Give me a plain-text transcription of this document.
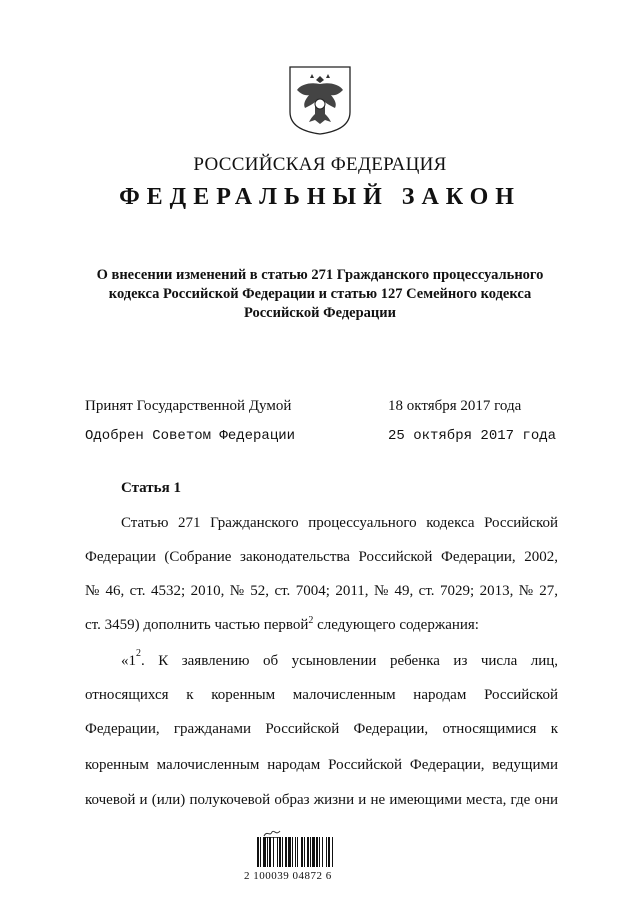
РОССИЙСКАЯ ФЕДЕРАЦИЯ
ФЕДЕРАЛЬНЫЙ ЗАКОН
О внесении изменений в статью 271 Гражданского процессуального
кодекса Российской Федерации и статью 127 Семейного кодекса
Российской Федерации
Принят Государственной Думой	18 октября 2017 года
Одобрен Советом Федерации	25 октября 2017 года
Статья 1
Статью 271 Гражданского процессуального кодекса Российской
Федерации (Собрание законодательства Российской Федерации, 2002,
№ 46, ст. 4532; 2010, № 52, ст. 7004; 2011, № 49, ст. 7029; 2013, № 27,
ст. 3459) дополнить частью первой$^2$ следующего содержания:
«1 2 . К заявлению об усыновлении ребенка из числа лиц,
относящихся к коренным малочисленным народам Российской
Федерации, гражданами Российской Федерации, относящимися к
коренным малочисленным народам Российской Федерации, ведущими
кочевой и (или) полукочевой образ жизни и не имеющими места, где они
2 100039 04872 6
